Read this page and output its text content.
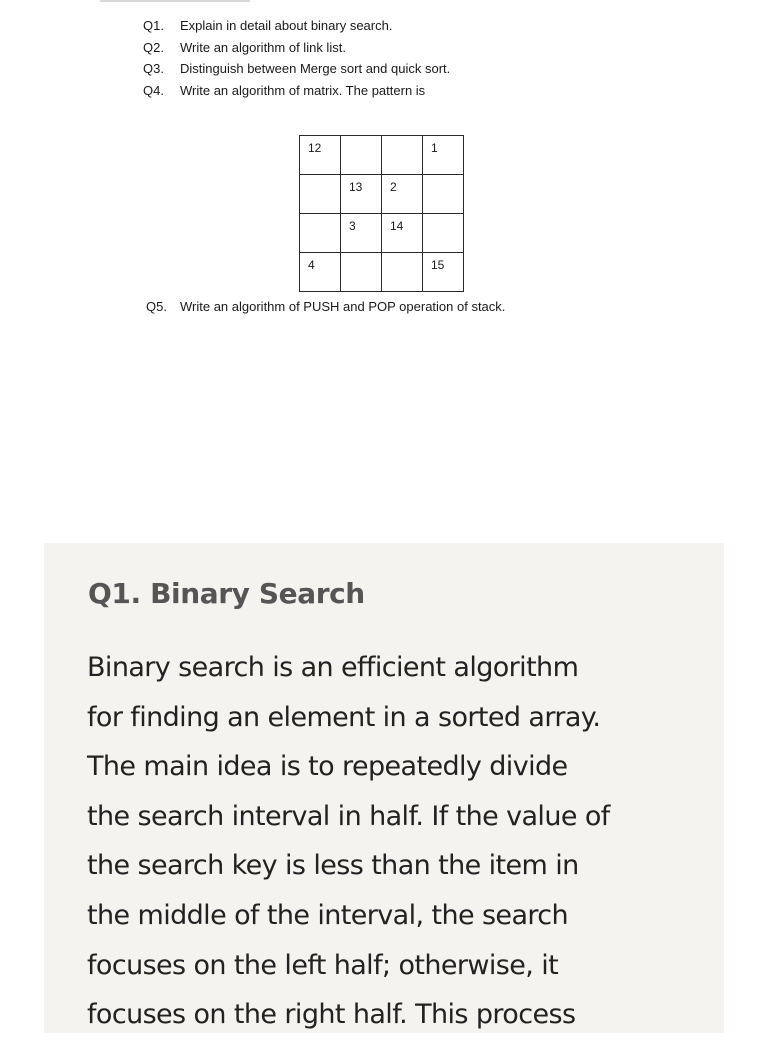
Q1.	Explain in detail about binary search.
Q2.	Write an algorithm of link list.
Q3.	Distinguish between Merge sort and quick sort.
Q4.	Write an algorithm of matrix. The pattern is
12			1

	13	2	

	3	14	

4			15
Q5.	Write an algorithm of PUSH and POP operation of stack.
Q1. Binary Search

Binary search is an efficient algorithm
for finding an element in a sorted array.
The main idea is to repeatedly divide
the search interval in half. If the value of
the search key is less than the item in
the middle of the interval, the search
focuses on the left half; otherwise, it
focuses on the right half. This process
